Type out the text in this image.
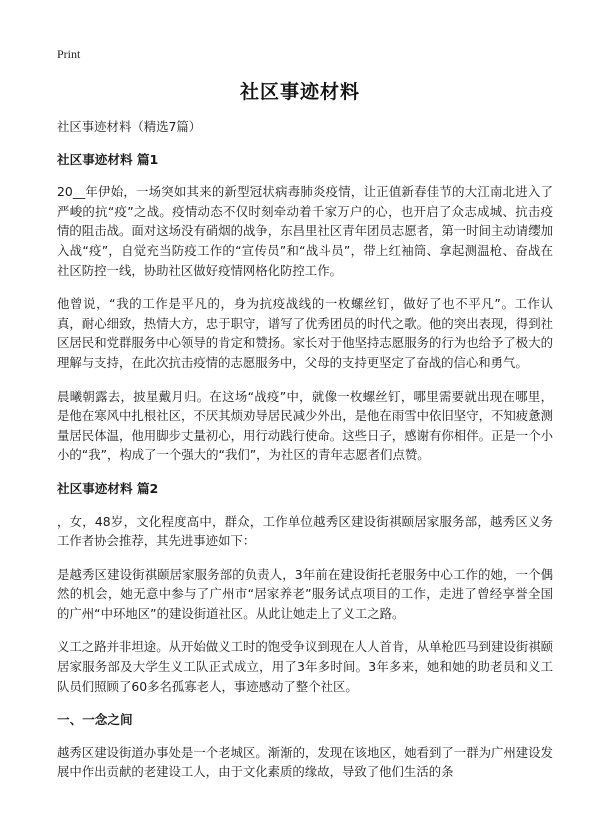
Print
社区事迹材料

社区事迹材料（精选7篇）

社区事迹材料 篇1

20__年伊始，一场突如其来的新型冠状病毒肺炎疫情，让正值新春佳节的大江南北进入了严峻的抗“疫”之战。疫情动态不仅时刻牵动着千家万户的心，也开启了众志成城、抗击疫情的阻击战。面对这场没有硝烟的战争，东昌里社区青年团员志愿者，第一时间主动请缨加入战“疫”，自觉充当防疫工作的“宣传员”和“战斗员”，带上红袖筒、拿起测温枪、奋战在社区防控一线，协助社区做好疫情网格化防控工作。

他曾说，“我的工作是平凡的，身为抗疫战线的一枚螺丝钉，做好了也不平凡”。工作认真，耐心细致，热情大方，忠于职守，谱写了优秀团员的时代之歌。他的突出表现，得到社区居民和党群服务中心领导的肯定和赞扬。家长对于他坚持志愿服务的行为也给予了极大的理解与支持，在此次抗击疫情的志愿服务中，父母的支持更坚定了奋战的信心和勇气。

晨曦朝露去，披星戴月归。在这场“战疫”中，就像一枚螺丝钉，哪里需要就出现在哪里，是他在寒风中扎根社区，不厌其烦劝导居民减少外出，是他在雨雪中依旧坚守，不知疲惫测量居民体温，他用脚步丈量初心，用行动践行使命。这些日子，感谢有你相伴。正是一个小小的“我”，构成了一个强大的“我们”，为社区的青年志愿者们点赞。

社区事迹材料 篇2

，女，48岁，文化程度高中，群众，工作单位越秀区建设街祺颐居家服务部，越秀区义务工作者协会推荐，其先进事迹如下：

是越秀区建设街祺颐居家服务部的负责人，3年前在建设街托老服务中心工作的她，一个偶然的机会，她无意中参与了广州市“居家养老”服务试点项目的工作，走进了曾经享誉全国的广州“中环地区”的建设街道社区。从此让她走上了义工之路。

义工之路并非坦途。从开始做义工时的饱受争议到现在人人首肯，从单枪匹马到建设街祺颐居家服务部及大学生义工队正式成立，用了3年多时间。3年多来，她和她的助老员和义工队员们照顾了60多名孤寡老人，事迹感动了整个社区。

一、一念之间

越秀区建设街道办事处是一个老城区。渐渐的，发现在该地区，她看到了一群为广州建设发展中作出贡献的老建设工人，由于文化素质的缘故，导致了他们生活的条
